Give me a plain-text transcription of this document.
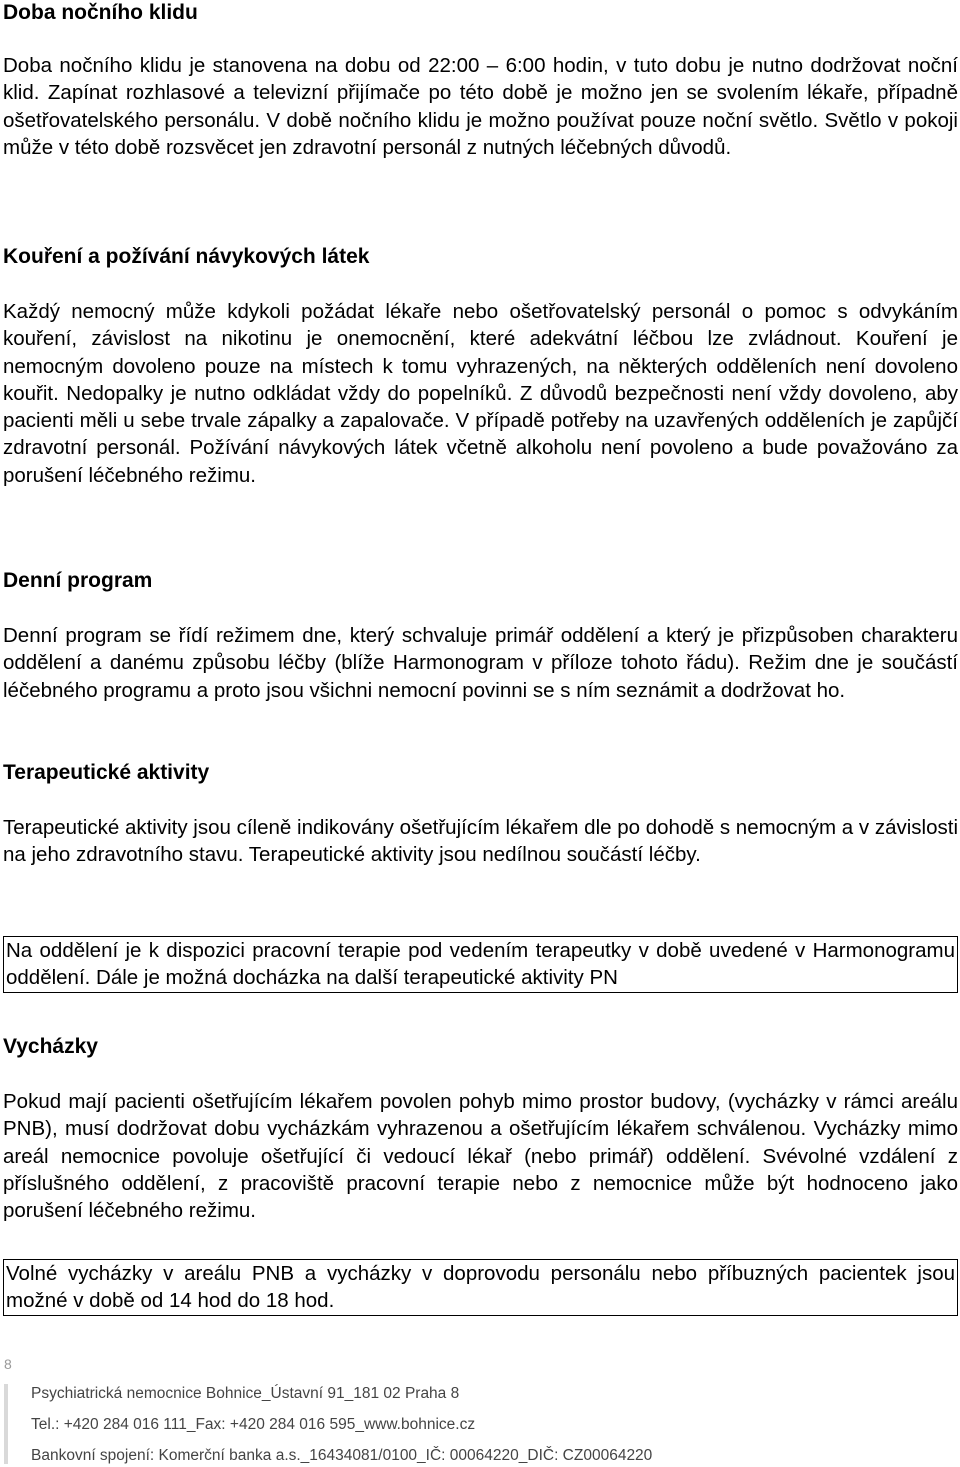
Doba nočního klidu

Doba nočního klidu je stanovena na dobu od 22:00 – 6:00 hodin, v tuto dobu je nutno dodržovat noční klid. Zapínat rozhlasové a televizní přijímače po této době je možno jen se svolením lékaře, případně ošetřovatelského personálu. V době nočního klidu je možno používat pouze noční světlo. Světlo v pokoji může v této době rozsvěcet jen zdravotní personál z nutných léčebných důvodů.

Kouření a požívání návykových látek

Každý nemocný může kdykoli požádat lékaře nebo ošetřovatelský personál o pomoc s odvykáním kouření, závislost na nikotinu je onemocnění, které adekvátní léčbou lze zvládnout. Kouření je nemocným dovoleno pouze na místech k tomu vyhrazených, na některých odděleních není dovoleno kouřit. Nedopalky je nutno odkládat vždy do popelníků. Z důvodů bezpečnosti není vždy dovoleno, aby pacienti měli u sebe trvale zápalky a zapalovače. V případě potřeby na uzavřených odděleních je zapůjčí zdravotní personál. Požívání návykových látek včetně alkoholu není povoleno a bude považováno za porušení léčebného režimu.

Denní program

Denní program se řídí režimem dne, který schvaluje primář oddělení a který je přizpůsoben charakteru oddělení a danému způsobu léčby (blíže Harmonogram v příloze tohoto řádu). Režim dne je součástí léčebného programu a proto jsou všichni nemocní povinni se s ním seznámit a dodržovat ho.

Terapeutické aktivity

Terapeutické aktivity jsou cíleně indikovány ošetřujícím lékařem dle po dohodě s nemocným a v závislosti na jeho zdravotního stavu. Terapeutické aktivity jsou nedílnou součástí léčby.

Na oddělení je k dispozici pracovní terapie pod vedením terapeutky v době uvedené v Harmonogramu oddělení. Dále je možná docházka na další terapeutické aktivity PN

Vycházky

Pokud mají pacienti ošetřujícím lékařem povolen pohyb mimo prostor budovy, (vycházky v rámci areálu PNB), musí dodržovat dobu vycházkám vyhrazenou a ošetřujícím lékařem schválenou. Vycházky mimo areál nemocnice povoluje ošetřující či vedoucí lékař (nebo primář) oddělení. Svévolné vzdálení z příslušného oddělení, z pracoviště pracovní terapie nebo z nemocnice může být hodnoceno jako porušení léčebného režimu.

Volné vycházky v areálu PNB a vycházky v doprovodu personálu nebo příbuzných pacientek jsou možné v době od 14 hod do 18 hod.

8
Psychiatrická nemocnice Bohnice_Ústavní 91_181 02 Praha 8
Tel.: +420 284 016 111_Fax: +420 284 016 595_www.bohnice.cz
Bankovní spojení: Komerční banka a.s._16434081/0100_IČ: 00064220_DIČ: CZ00064220
